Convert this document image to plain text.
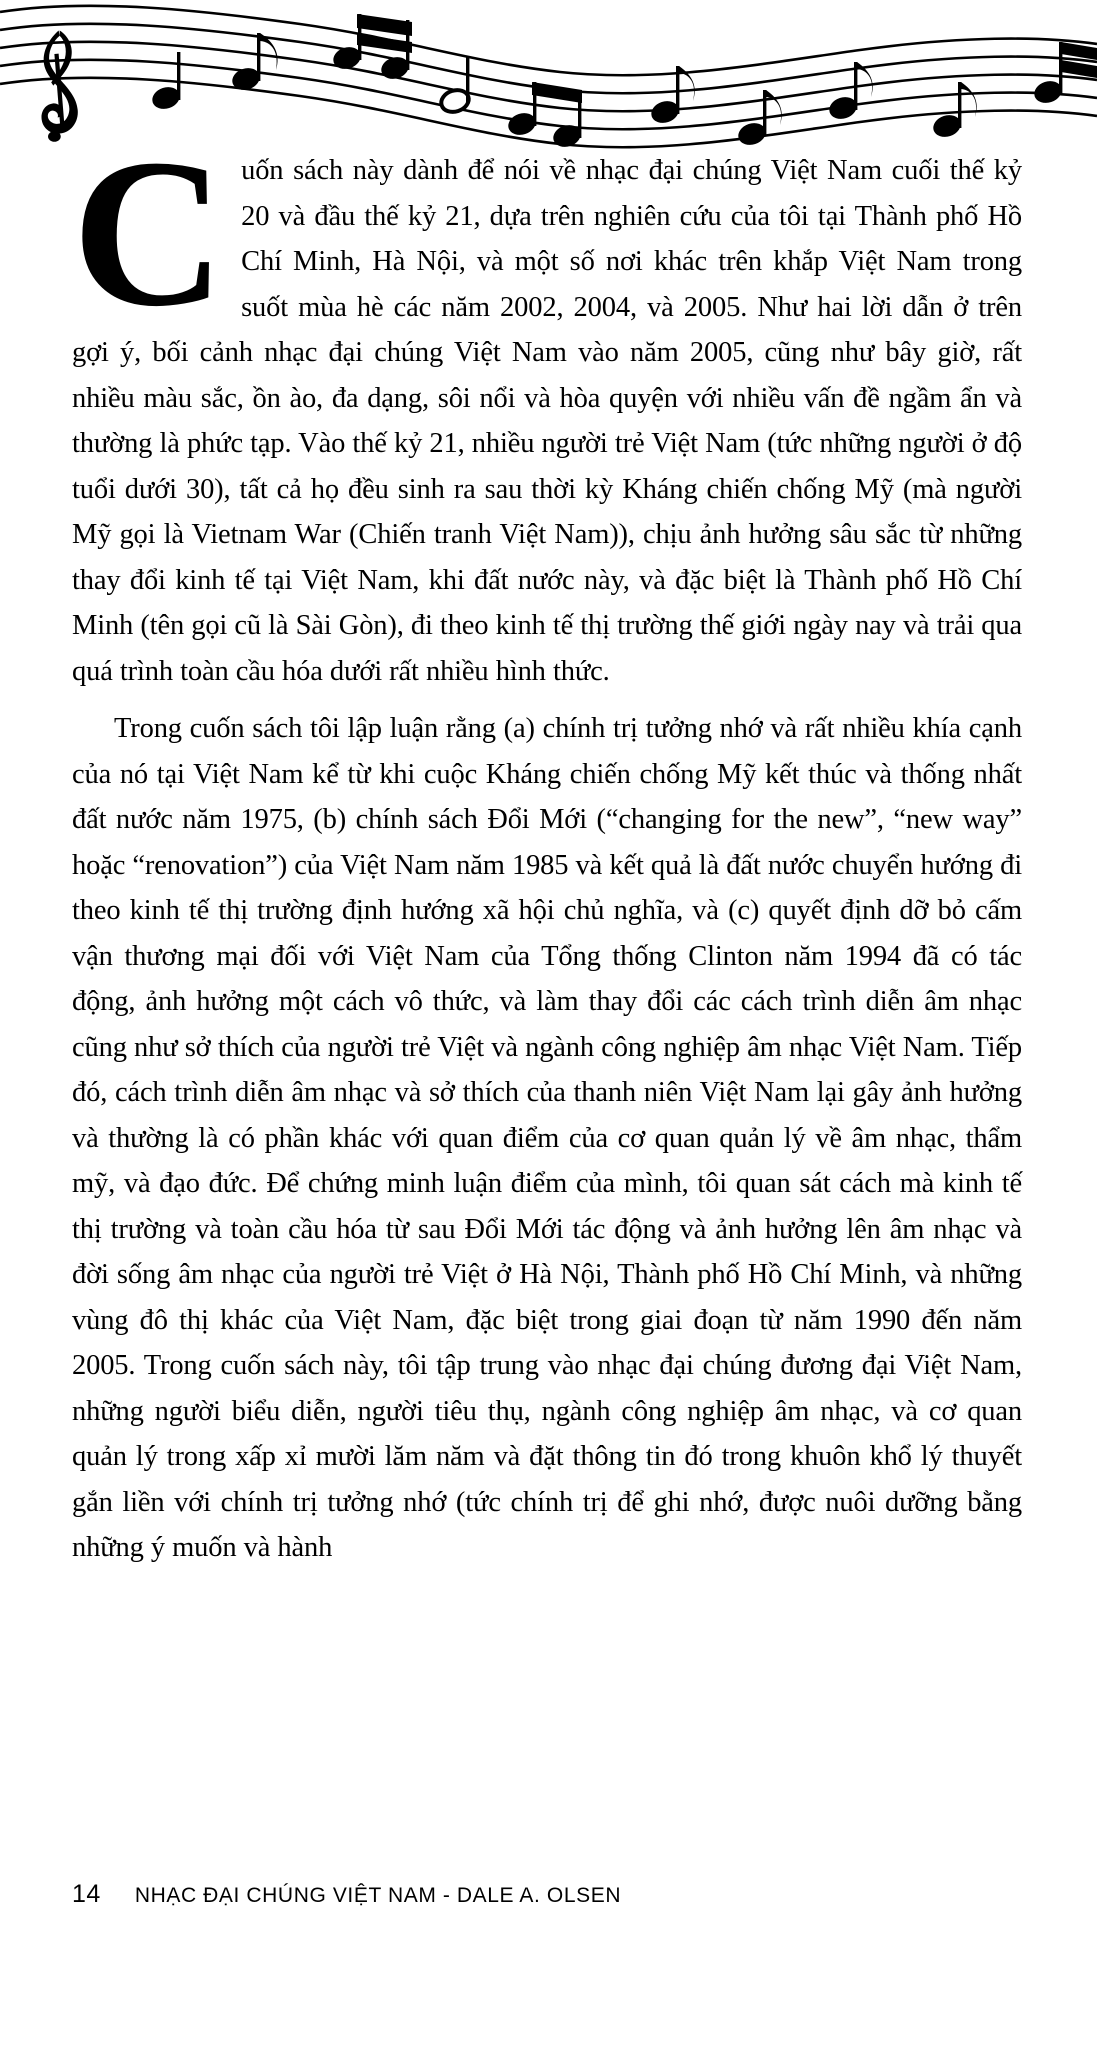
Cuốn sách này dành để nói về nhạc đại chúng Việt Nam cuối thế kỷ 20 và đầu thế kỷ 21, dựa trên nghiên cứu của tôi tại Thành phố Hồ Chí Minh, Hà Nội, và một số nơi khác trên khắp Việt Nam trong suốt mùa hè các năm 2002, 2004, và 2005. Như hai lời dẫn ở trên gợi ý, bối cảnh nhạc đại chúng Việt Nam vào năm 2005, cũng như bây giờ, rất nhiều màu sắc, ồn ào, đa dạng, sôi nổi và hòa quyện với nhiều vấn đề ngầm ẩn và thường là phức tạp. Vào thế kỷ 21, nhiều người trẻ Việt Nam (tức những người ở độ tuổi dưới 30), tất cả họ đều sinh ra sau thời kỳ Kháng chiến chống Mỹ (mà người Mỹ gọi là Vietnam War (Chiến tranh Việt Nam)), chịu ảnh hưởng sâu sắc từ những thay đổi kinh tế tại Việt Nam, khi đất nước này, và đặc biệt là Thành phố Hồ Chí Minh (tên gọi cũ là Sài Gòn), đi theo kinh tế thị trường thế giới ngày nay và trải qua quá trình toàn cầu hóa dưới rất nhiều hình thức.

Trong cuốn sách tôi lập luận rằng (a) chính trị tưởng nhớ và rất nhiều khía cạnh của nó tại Việt Nam kể từ khi cuộc Kháng chiến chống Mỹ kết thúc và thống nhất đất nước năm 1975, (b) chính sách Đổi Mới (“changing for the new”, “new way” hoặc “renovation”) của Việt Nam năm 1985 và kết quả là đất nước chuyển hướng đi theo kinh tế thị trường định hướng xã hội chủ nghĩa, và (c) quyết định dỡ bỏ cấm vận thương mại đối với Việt Nam của Tổng thống Clinton năm 1994 đã có tác động, ảnh hưởng một cách vô thức, và làm thay đổi các cách trình diễn âm nhạc cũng như sở thích của người trẻ Việt và ngành công nghiệp âm nhạc Việt Nam. Tiếp đó, cách trình diễn âm nhạc và sở thích của thanh niên Việt Nam lại gây ảnh hưởng và thường là có phần khác với quan điểm của cơ quan quản lý về âm nhạc, thẩm mỹ, và đạo đức. Để chứng minh luận điểm của mình, tôi quan sát cách mà kinh tế thị trường và toàn cầu hóa từ sau Đổi Mới tác động và ảnh hưởng lên âm nhạc và đời sống âm nhạc của người trẻ Việt ở Hà Nội, Thành phố Hồ Chí Minh, và những vùng đô thị khác của Việt Nam, đặc biệt trong giai đoạn từ năm 1990 đến năm 2005. Trong cuốn sách này, tôi tập trung vào nhạc đại chúng đương đại Việt Nam, những người biểu diễn, người tiêu thụ, ngành công nghiệp âm nhạc, và cơ quan quản lý trong xấp xỉ mười lăm năm và đặt thông tin đó trong khuôn khổ lý thuyết gắn liền với chính trị tưởng nhớ (tức chính trị để ghi nhớ, được nuôi dưỡng bằng những ý muốn và hành

14 NHẠC ĐẠI CHÚNG VIỆT NAM - DALE A. OLSEN
